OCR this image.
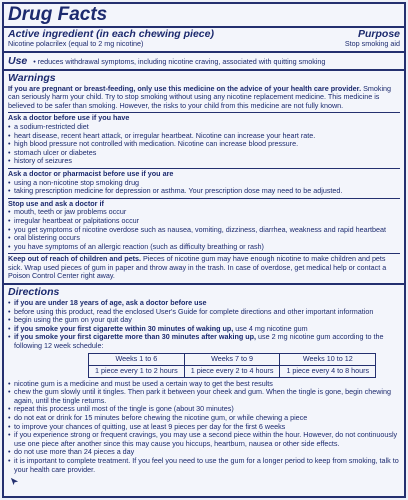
Drug Facts
Active ingredient (in each chewing piece)	Purpose
Nicotine polacrilex (equal to 2 mg nicotine)	Stop smoking aid
Use • reduces withdrawal symptoms, including nicotine craving, associated with quitting smoking
Warnings
If you are pregnant or breast-feeding, only use this medicine on the advice of your health care provider. Smoking can seriously harm your child. Try to stop smoking without using any nicotine replacement medicine. This medicine is believed to be safer than smoking. However, the risks to your child from this medicine are not fully known.
Ask a doctor before use if you have
• a sodium-restricted diet
• heart disease, recent heart attack, or irregular heartbeat. Nicotine can increase your heart rate.
• high blood pressure not controlled with medication. Nicotine can increase blood pressure.
• stomach ulcer or diabetes
• history of seizures
Ask a doctor or pharmacist before use if you are
• using a non-nicotine stop smoking drug
• taking prescription medicine for depression or asthma. Your prescription dose may need to be adjusted.
Stop use and ask a doctor if
• mouth, teeth or jaw problems occur
• irregular heartbeat or palpitations occur
• you get symptoms of nicotine overdose such as nausea, vomiting, dizziness, diarrhea, weakness and rapid heartbeat
• oral blistering occurs
• you have symptoms of an allergic reaction (such as difficulty breathing or rash)
Keep out of reach of children and pets. Pieces of nicotine gum may have enough nicotine to make children and pets sick. Wrap used pieces of gum in paper and throw away in the trash. In case of overdose, get medical help or contact a Poison Control Center right away.
Directions
• if you are under 18 years of age, ask a doctor before use
• before using this product, read the enclosed User's Guide for complete directions and other important information
• begin using the gum on your quit day
• if you smoke your first cigarette within 30 minutes of waking up, use 4 mg nicotine gum
• if you smoke your first cigarette more than 30 minutes after waking up, use 2 mg nicotine gum according to the following 12 week schedule:
Weeks 1 to 6	Weeks 7 to 9	Weeks 10 to 12
1 piece every 1 to 2 hours	1 piece every 2 to 4 hours	1 piece every 4 to 8 hours
• nicotine gum is a medicine and must be used a certain way to get the best results
• chew the gum slowly until it tingles. Then park it between your cheek and gum. When the tingle is gone, begin chewing again, until the tingle returns.
• repeat this process until most of the tingle is gone (about 30 minutes)
• do not eat or drink for 15 minutes before chewing the nicotine gum, or while chewing a piece
• to improve your chances of quitting, use at least 9 pieces per day for the first 6 weeks
• if you experience strong or frequent cravings, you may use a second piece within the hour. However, do not continuously use one piece after another since this may cause you hiccups, heartburn, nausea or other side effects.
• do not use more than 24 pieces a day
• it is important to complete treatment. If you feel you need to use the gum for a longer period to keep from smoking, talk to your health care provider.
